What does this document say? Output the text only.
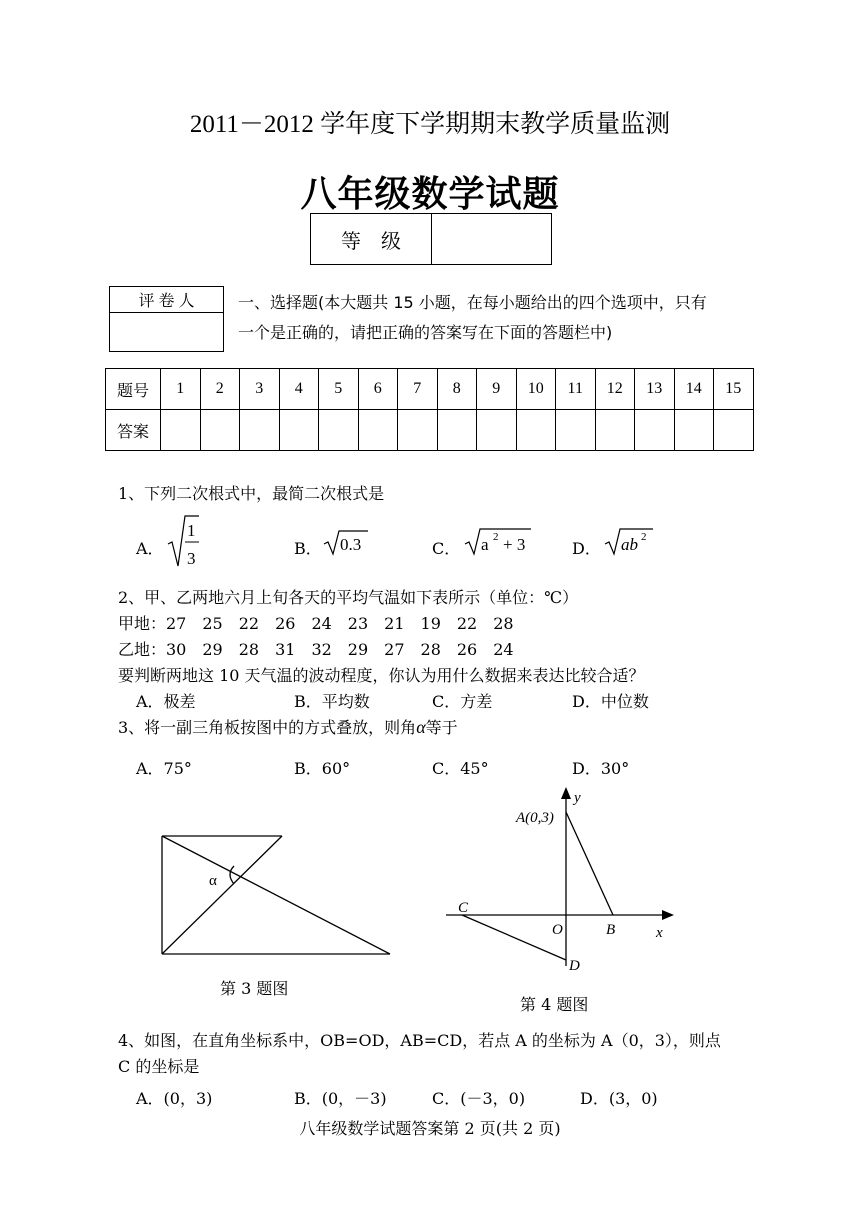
2011－2012 学年度下学期期末教学质量监测
八年级数学试题
等　级	
评 卷 人	一、选择题(本大题共 15 小题，在每小题给出的四个选项中，只有
一个是正确的，请把正确的答案写在下面的答题栏中)
题号	1	2	3	4	5	6	7	8	9	10	11	12	13	14	15
答案															
1、下列二次根式中，最简二次根式是
A．
1
3
B． 0.3	C． a 2 + 3	D． ab 2
2、甲、乙两地六月上旬各天的平均气温如下表所示（单位：℃）
甲地：27　25　22　26　24　23　21　19　22　28
乙地：30　29　28　31　32　29　27　28　26　24
要判断两地这 10 天气温的波动程度，你认为用什么数据来表达比较合适？
A．极差	B．平均数	C．方差	D．中位数
3、将一副三角板按图中的方式叠放，则角α等于
A．75°	B．60°	C．45°	D．30°
α
第 3 题图
y
x
A(0,3)
C
O	B
D
第 4 题图
4、如图，在直角坐标系中，OB=OD，AB=CD，若点 A 的坐标为 A（0，3），则点
C 的坐标是
A．(0，3)	B．(0，－3)	C．(－3，0)	D．(3，0)
八年级数学试题答案第 2 页(共 2 页)
